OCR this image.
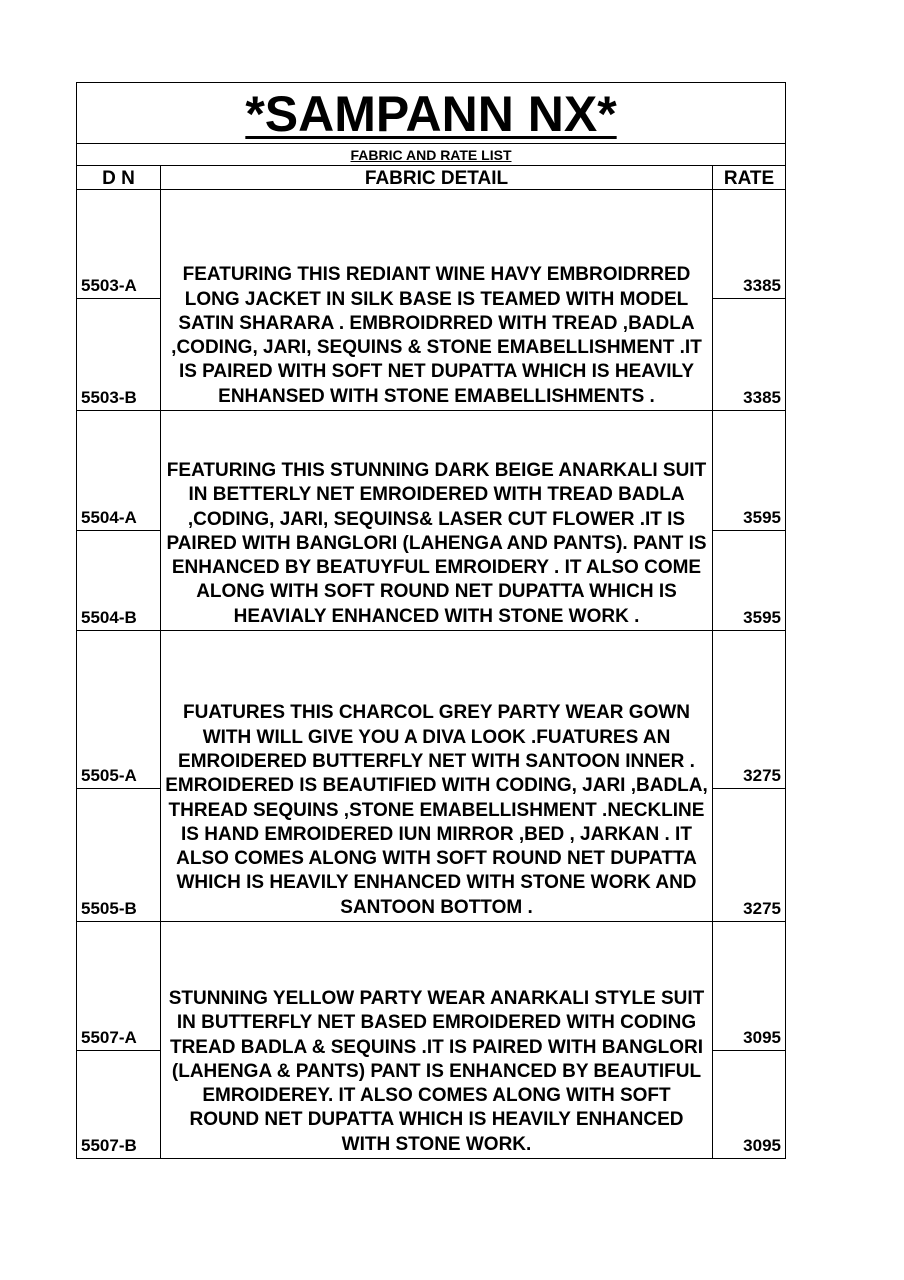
*SAMPANN NX*
FABRIC AND RATE LIST
D N	FABRIC DETAIL	RATE
5503-A
5503-B
FEATURING THIS REDIANT WINE HAVY EMBROIDRRED LONG JACKET IN SILK BASE IS TEAMED WITH MODEL SATIN SHARARA . EMBROIDRRED WITH TREAD ,BADLA ,CODING, JARI, SEQUINS & STONE EMABELLISHMENT .IT IS PAIRED WITH SOFT NET DUPATTA WHICH IS HEAVILY ENHANSED WITH STONE EMABELLISHMENTS .
3385
3385
5504-A
5504-B
FEATURING THIS STUNNING DARK BEIGE ANARKALI SUIT IN BETTERLY NET EMROIDERED WITH TREAD BADLA ,CODING, JARI, SEQUINS& LASER CUT FLOWER .IT IS PAIRED WITH BANGLORI (LAHENGA AND PANTS). PANT IS ENHANCED BY BEATUYFUL EMROIDERY . IT ALSO COME ALONG WITH SOFT ROUND NET DUPATTA WHICH IS HEAVIALY ENHANCED WITH STONE WORK .
3595
3595
5505-A
5505-B
FUATURES THIS CHARCOL GREY PARTY WEAR GOWN WITH WILL GIVE YOU A DIVA LOOK .FUATURES AN EMROIDERED BUTTERFLY NET WITH SANTOON INNER . EMROIDERED IS BEAUTIFIED WITH CODING, JARI ,BADLA, THREAD SEQUINS ,STONE EMABELLISHMENT .NECKLINE IS HAND EMROIDERED IUN MIRROR ,BED , JARKAN . IT ALSO COMES ALONG WITH SOFT ROUND NET DUPATTA WHICH IS HEAVILY ENHANCED WITH STONE WORK AND SANTOON BOTTOM .
3275
3275
5507-A
5507-B
STUNNING YELLOW PARTY WEAR ANARKALI STYLE SUIT IN BUTTERFLY NET BASED EMROIDERED WITH CODING TREAD BADLA & SEQUINS .IT IS PAIRED WITH BANGLORI (LAHENGA & PANTS) PANT IS ENHANCED BY BEAUTIFUL EMROIDEREY. IT ALSO COMES ALONG WITH SOFT ROUND NET DUPATTA WHICH IS HEAVILY ENHANCED WITH STONE WORK.
3095
3095
